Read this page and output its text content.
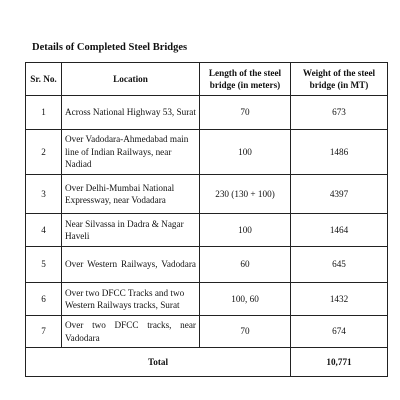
Details of Completed Steel Bridges
Sr. No.	Location	Length of the steel bridge (in meters)	Weight of the steel bridge (in MT)
1	Across National Highway 53, Surat	70	673
2	Over Vadodara-Ahmedabad main line of Indian Railways, near Nadiad	100	1486
3	Over Delhi-Mumbai National Expressway, near Vodadara	230 (130 + 100)	4397
4	Near Silvassa in Dadra & Nagar Haveli	100	1464
5	Over Western Railways, Vadodara	60	645
6	Over two DFCC Tracks and two Western Railways tracks, Surat	100, 60	1432
7	Over two DFCC tracks, near Vadodara	70	674
Total			10,771
